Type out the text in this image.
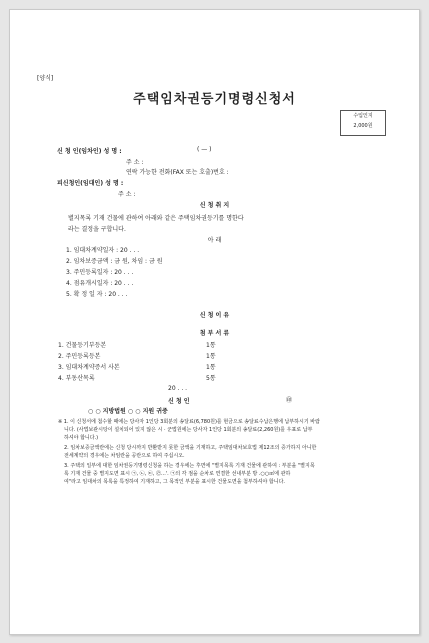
[양식]
주택임차권등기명령신청서
수입인지
2,000원
신 청 인(임차인) 성 명 :	( — )
주 소 :
연락 가능한 전화(FAX 또는 호출)번호 :
피신청인(임대인) 성 명 :
주 소 :
신 청 취 지
별지목록 기재 건물에 관하여 아래와 같은 주택임차권등기를 명한다
라는 결정을 구합니다.
아 래
1. 임대차계약일자 : 20 . . .
2. 임차보증금액 : 금 원, 차임 : 금 원
3. 주민등록일자 : 20 . . .
4. 점유개시일자 : 20 . . .
5. 확 정 일 자 : 20 . . .
신 청 이 유
첨 부 서 류
1. 건물등기부등본	1통
2. 주민등록등본	1통
3. 임대차계약증서 사본	1통
4. 부동산목록	5통
20 . . .
신 청 인	㊞
○ ○ 지방법원 ○ ○ 지원 귀중
※ 1. 이 신청서에 첨수할 때에는 당사자 1인당 3회분의 송달료(6,780원)를 현금으로 송달료수납은행에 납부하시기 바랍
니다. (사법보관시탕이 설치되어 있지 않은 시 · 군법원에는 당사자 1인당 1회분의 송달료(2,260원)를 우표로 납부
하셔야 합니다.)
2. 임차보증금액란에는 신청 당시까지 반환받지 못한 금액을 기재하고, 주택임대차보호법 제12조의 증가하지 아니한
전세계약의 경우에는 차임란을 공란으로 하여 주십시오.
3. 주택의 일부에 대한 임차권등기명령신청을 하는 경우에는 후면에 "별지목록 기재 건물에 관하여 : 부분을 "별지목
록 기재 건물 중 별지도면 표시 ㉠, ㉡, ㉢, ㉣...'. ㉠의 각 점을 순차로 연결한 선내부분 방 .○○㎡에 관하
여"라고 임대차의 목록을 특정하여 기재하고, 그 목적인 부분을 표시한 건물도면을 첨부하셔야 합니다.
